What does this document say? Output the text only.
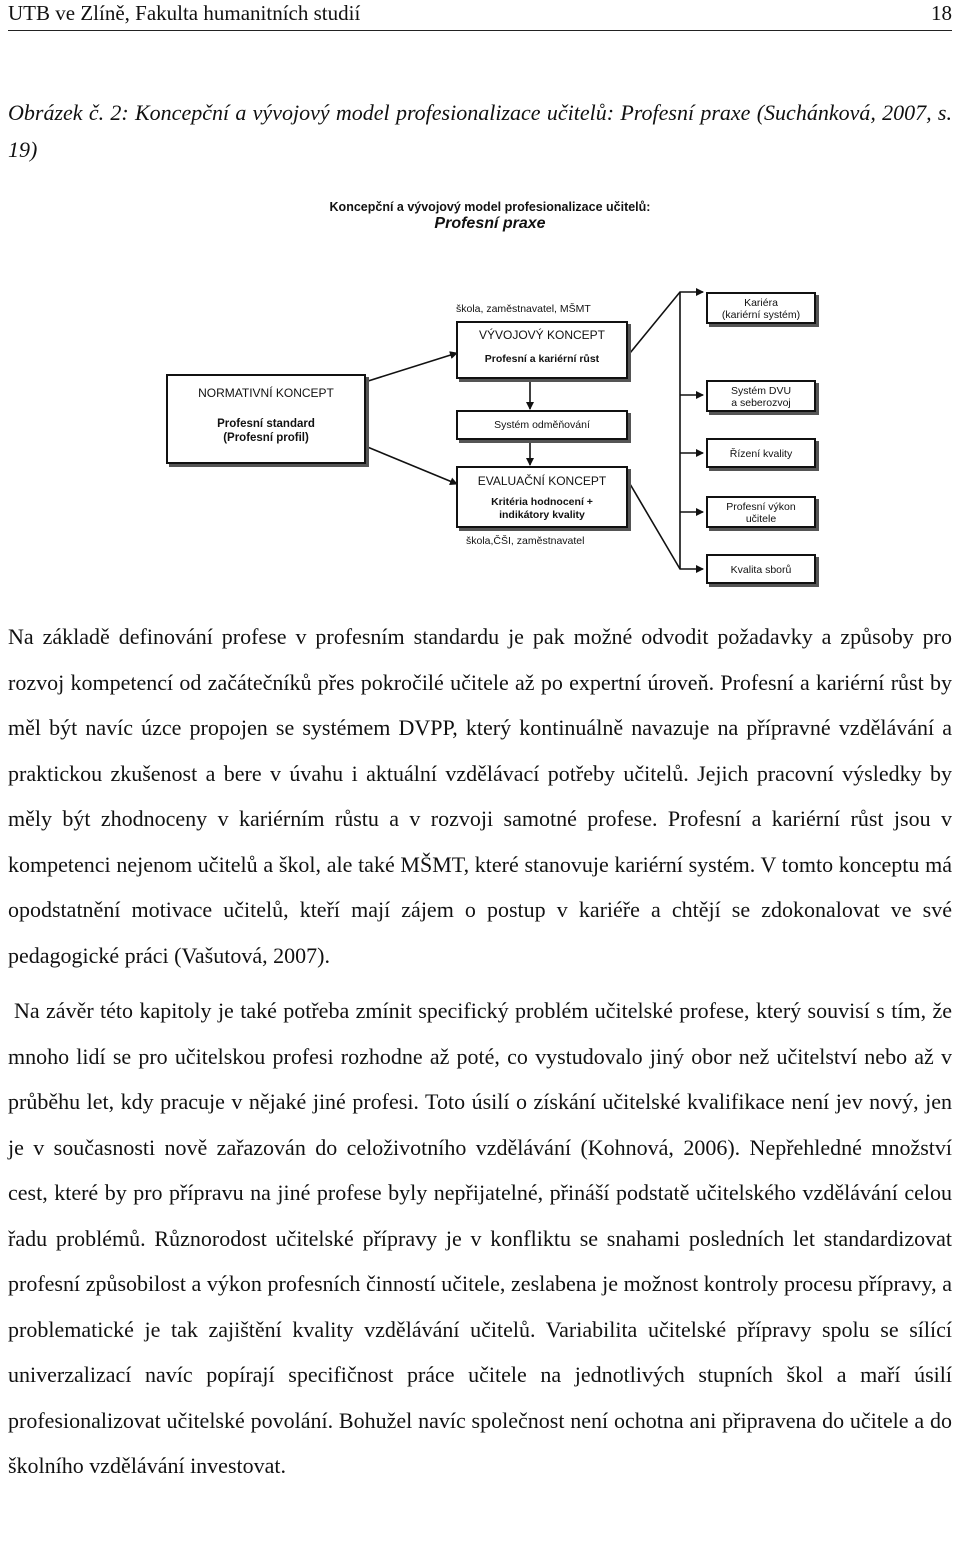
UTB ve Zlíně, Fakulta humanitních studií	18
Obrázek č. 2: Koncepční a vývojový model profesionalizace učitelů: Profesní praxe (Suchánková, 2007, s. 19)
Koncepční a vývojový model profesionalizace učitelů:
Profesní praxe
škola, zaměstnavatel, MŠMT
VÝVOJOVÝ KONCEPT
Profesní a kariérní růst
NORMATIVNÍ KONCEPT
Profesní standard
(Profesní profil)
Systém odměňování
EVALUAČNÍ KONCEPT
Kritéria hodnocení +
indikátory kvality
škola,ČŠI, zaměstnavatel
Kariéra
(kariérní systém)
Systém DVU
a seberozvoj
Řízení kvality
Profesní výkon
učitele
Kvalita sborů

Na základě definování profese v profesním standardu je pak možné odvodit požadavky a způsoby pro rozvoj kompetencí od začátečníků přes pokročilé učitele až po expertní úroveň. Profesní a kariérní růst by měl být navíc úzce propojen se systémem DVPP, který kontinuálně navazuje na přípravné vzdělávání a praktickou zkušenost a bere v úvahu i aktuální vzdělávací potřeby učitelů. Jejich pracovní výsledky by měly být zhodnoceny v kariérním růstu a v rozvoji samotné profese. Profesní a kariérní růst jsou v kompetenci nejenom učitelů a škol, ale také MŠMT, které stanovuje kariérní systém. V tomto konceptu má opodstatnění motivace učitelů, kteří mají zájem o postup v kariéře a chtějí se zdokonalovat ve své pedagogické práci (Vašutová, 2007).

Na závěr této kapitoly je také potřeba zmínit specifický problém učitelské profese, který souvisí s tím, že mnoho lidí se pro učitelskou profesi rozhodne až poté, co vystudovalo jiný obor než učitelství nebo až v průběhu let, kdy pracuje v nějaké jiné profesi. Toto úsilí o získání učitelské kvalifikace není jev nový, jen je v současnosti nově zařazován do celoživotního vzdělávání (Kohnová, 2006). Nepřehledné množství cest, které by pro přípravu na jiné profese byly nepřijatelné, přináší podstatě učitelského vzdělávání celou řadu problémů. Různorodost učitelské přípravy je v konfliktu se snahami posledních let standardizovat profesní způsobilost a výkon profesních činností učitele, zeslabena je možnost kontroly procesu přípravy, a problematické je tak zajištění kvality vzdělávání učitelů. Variabilita učitelské přípravy spolu se sílící univerzalizací navíc popírají specifičnost práce učitele na jednotlivých stupních škol a maří úsilí profesionalizovat učitelské povolání. Bohužel navíc společnost není ochotna ani připravena do učitele a do školního vzdělávání investovat.
